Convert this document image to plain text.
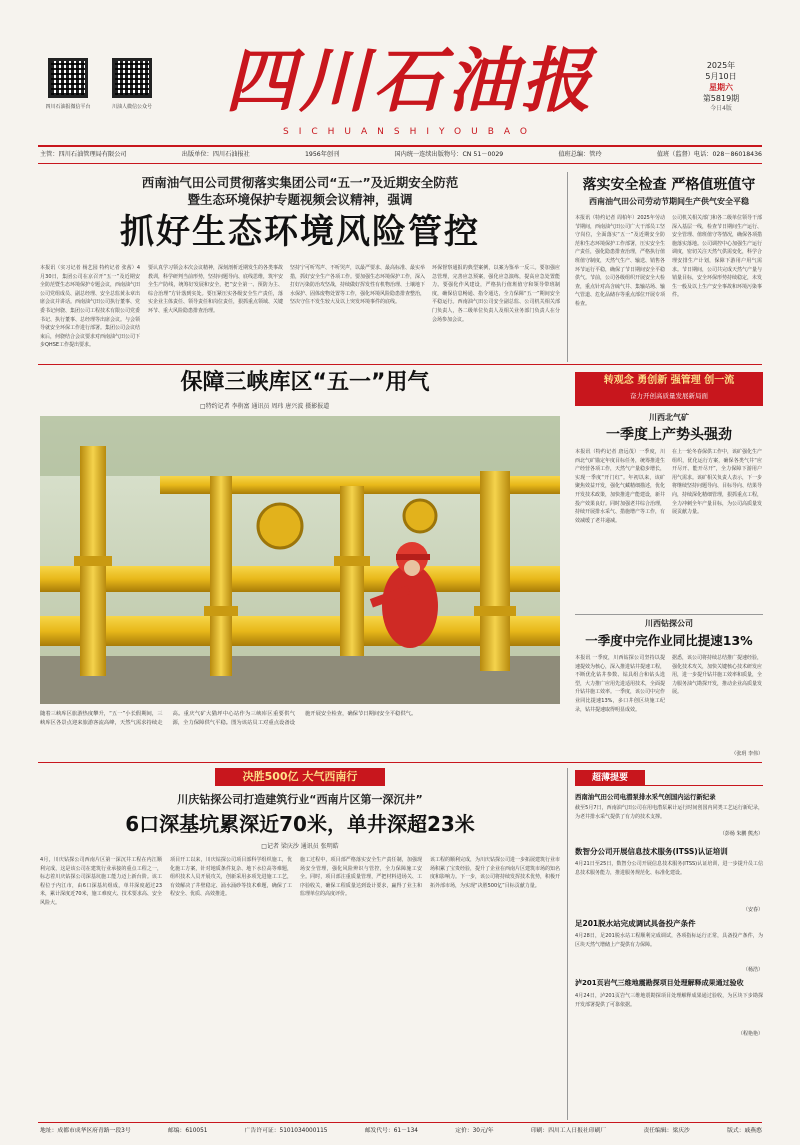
四川石油报微信平台	川油人微信公众号 四川石油报
SICHUANSHIYOUBAO
2025年
5月10日
星期六
第5819期
今日4版
主管：四川石油管理局有限公司	出版单位：四川石油报社	1956年创刊	国内统一连续出版物号：CN 51－0029	值班总编：管玲	值班（监督）电话：028－86018436
西南油气田公司贯彻落实集团公司“五一”及近期安全防范
暨生态环境保护专题视频会议精神，强调
抓好生态环境风险管控
本报讯（实习记者 杨艺园 特约记者 张茜）4月30日，集团公司在京召开“五一”及近期安全防范暨生态环境保护专题会议，西南油气田公司党组成员、副总经理、安全总监黄永章出席会议并讲话。西南油气田公司执行董事、党委书记何骁、集团公司工程技术有限公司党委书记、执行董事、总经理等出席会议。与会领导就安全环保工作进行部署。集团公司会议结束后，何骁结合会议要求对西南油气田公司下步QHSE工作提出要求。
要认真学习领会本次会议精神，深刻剖析近期发生的各类事故教训，科学研判当前形势，坚持问题导向、底线思维，筑牢安全生产防线，统筹好发展和安全，把“安全第一、预防为主、综合治理”方针落到实处。要压紧压实各级安全生产责任，落实企业主体责任、领导责任和岗位责任，狠抓重点领域、关键环节、重大风险隐患排查治理。
坚持宁可听骂声、不听哭声，以最严要求、最高标准、最实举措，抓好安全生产各项工作。要加强生态环境保护工作，深入打好污染防治攻坚战，持续做好挥发性有机物治理、土壤地下水保护、固体废物处置等工作，强化环境风险隐患排查整治，坚决守住不发生较大及以上突发环境事件的底线。
环保督察通报的典型案例，以案为鉴举一反三。要加强应急管理，完善应急预案，强化应急演练，提高应急处置能力。要强化作风建设，严格执行值班值守和领导带班制度，确保信息畅通、指令通达，全力保障“五一”期间安全平稳运行。西南油气田公司安全副总监、公司机关相关部门负责人，各二级单位负责人及相关业务部门负责人在分会场参加会议。
落实安全检查 严格值班值守
西南油气田公司劳动节期间生产供气安全平稳
本报讯（特约记者 周柏年）2025年劳动节期间，西南油气田公司广大干部员工坚守岗位，全面落实“五一”及近期安全防范和生态环境保护工作部署，压实安全生产责任，强化隐患排查治理，严格执行值班值守制度，天然气生产、输送、销售各环节运行平稳，确保了节日期间安全平稳供气。节前，公司各级组织开展安全大检查，重点针对高含硫气井、集输站场、输气管道、危化品储存等重点部位开展专项检查。
公司机关相关部门和各二级单位领导干部深入基层一线，检查节日期间生产运行、安全管理、值班值守等情况，确保各项措施落实落地。公司调控中心加强生产运行调度，密切关注天然气供需变化，科学合理安排生产计划，保障下游用户用气需求。节日期间，公司共完成天然气产量与销量目标，安全环保形势持续稳定，未发生一般及以上生产安全事故和环境污染事件。
保障三峡库区“五一”用气
□特约记者 李栴富 通讯员 周玮 唐兴波 摄影报道
随着三峡库区旅游热度攀升，“五一”小长假期间，三峡库区各景点迎来旅游客流高峰，天然气需求持续走高。重庆气矿大猫坪中心站作为三峡库区重要供气源，全力保障供气平稳。图为该站员工对重点设备设施开展安全检查，确保节日期间安全平稳供气。
转观念 勇创新 强管理 创一流
奋力开创高质量发展新局面
川西北气矿
一季度上产势头强劲
本报讯（特约记者 唐远茂）一季度，川西北气矿锚定年度目标任务，统筹推进生产经营各项工作，天然气产量稳步增长，实现一季度“开门红”。年初以来，该矿聚焦效益开发，强化气藏精细描述，优化开发技术政策，加快推进产能建设，新井投产效果良好。同时加强老井综合治理，持续开展排水采气、措施增产等工作，有效减缓了老井递减。
在上一轮冬春保供工作中，该矿强化生产组织，优化运行方案，确保各类气井“应开尽开、能开尽开”，全力保障下游用户用气需求。该矿相关负责人表示，下一步将继续坚持问题导向、目标导向、结果导向，持续深化精细管理，狠抓重点工程，全力冲刺全年产量目标，为公司高质量发展贡献力量。
川西钻探公司
一季度中完作业同比提速13%
本报讯 一季度，川西钻探公司坚持以提速提效为核心，深入推进钻井提速工程，不断优化钻井参数、钻具组合和钻头选型，大力推广应用先进适用技术，全面提升钻井施工效率。一季度，该公司中完作业同比提速13%，多口井创区块施工纪录，钻井提速取得明显成效。
据悉，该公司将持续总结推广提速经验，强化技术攻关，加快关键核心技术研发应用，进一步提升钻井施工效率和质量，全力服务油气勘探开发，推动企业高质量发展。
（张玥 李伟）
决胜500亿 大气西南行
川庆钻探公司打造建筑行业“西南片区第一深沉井”
6口深基坑累深近70米，单井深超23米
□记者 梁庆沙 通讯员 张明皓
4月，川庆钻探公司西南片区第一深沉井工程在内江顺利完成，这是该公司在建筑行业承接的重点工程之一，标志着川庆钻探公司深基坑施工能力迈上新台阶。该工程位于内江市，由6口深基坑组成，单井深度超过23米，累计深度近70米，施工难度大、技术要求高、安全风险大。
项目开工以来，川庆钻探公司项目部科学组织施工，优化施工方案，针对地质条件复杂、地下水位高等难题，组织技术人员开展攻关，创新采用多项先进施工工艺，有效解决了井壁稳定、涌水涌砂等技术难题，确保了工程安全、优质、高效推进。
施工过程中，项目部严格落实安全生产责任制，加强现场安全管理，强化风险辨识与管控，全力保障施工安全。同时，项目部注重质量管理，严把材料进场关、工序验收关，确保工程质量达到设计要求，赢得了业主和监理单位的高度评价。
该工程的顺利完成，为川庆钻探公司进一步拓展建筑行业市场积累了宝贵经验，提升了企业在西南片区建筑市场的知名度和影响力。下一步，该公司将持续发挥技术优势，积极开拓外部市场，为实现“决胜500亿”目标贡献力量。
超薄提要
西南油气田公司电潜泵排水采气创国内运行新纪录
截至5月7日，西南油气田公司在用电潜泵累计运行时间创国内同类工艺运行新纪录，为老井排水采气提供了有力的技术支撑。
（彭杨 朱鹏 熊杰）
数智分公司开展信息技术服务(ITSS)认证培训
4月21日至25日，数智分公司开展信息技术服务(ITSS)认证培训，进一步提升员工信息技术服务能力，推进服务规范化、标准化建设。
（安春）
足201脱水站完成调试具备投产条件
4月28日，足201脱水站工程顺利完成调试，各项指标运行正常，具备投产条件，为区块天然气增储上产提供有力保障。
（杨浩）
泸201页岩气三维地震勘探项目处理解释成果通过验收
4月24日，泸201页岩气三维地震勘探项目处理解释成果通过验收，为区块下步勘探开发部署提供了可靠依据。
（程艳艳）
地址：成都市成华区府青路一段3号	邮编：610051	广告许可证：5101034000115	邮发代号：61－134	定价：30元/年	印刷：四川工人日报社印刷厂	责任编辑：梁庆沙	版式：戚燕憨
